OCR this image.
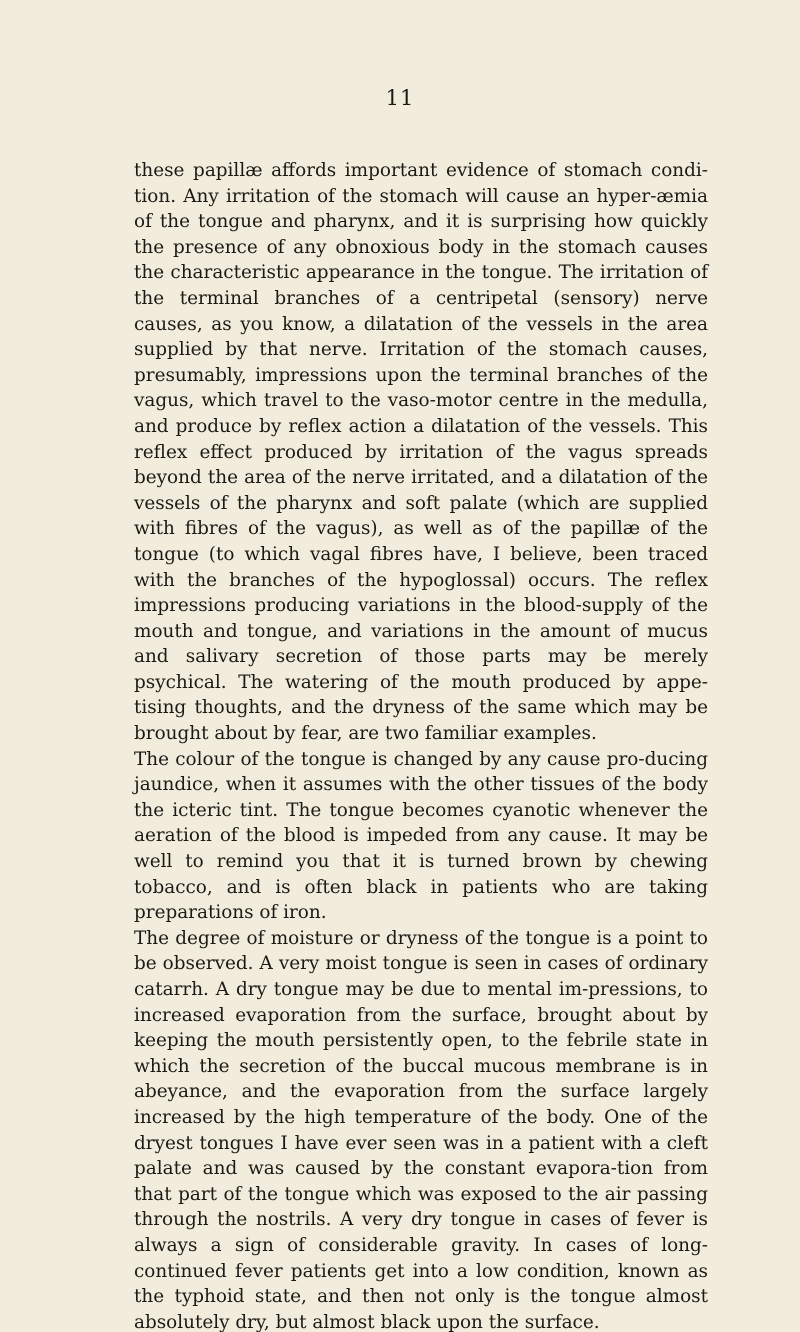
11

these papillæ affords important evidence of stomach condi-tion. Any irritation of the stomach will cause an hyper-æmia of the tongue and pharynx, and it is surprising how quickly the presence of any obnoxious body in the stomach causes the characteristic appearance in the tongue. The irritation of the terminal branches of a centripetal (sensory) nerve causes, as you know, a dilatation of the vessels in the area supplied by that nerve. Irritation of the stomach causes, presumably, impressions upon the terminal branches of the vagus, which travel to the vaso-motor centre in the medulla, and produce by reflex action a dilatation of the vessels. This reflex effect produced by irritation of the vagus spreads beyond the area of the nerve irritated, and a dilatation of the vessels of the pharynx and soft palate (which are supplied with fibres of the vagus), as well as of the papillæ of the tongue (to which vagal fibres have, I believe, been traced with the branches of the hypoglossal) occurs. The reflex impressions producing variations in the blood-supply of the mouth and tongue, and variations in the amount of mucus and salivary secretion of those parts may be merely psychical. The watering of the mouth produced by appe-tising thoughts, and the dryness of the same which may be brought about by fear, are two familiar examples.

The colour of the tongue is changed by any cause pro-ducing jaundice, when it assumes with the other tissues of the body the icteric tint. The tongue becomes cyanotic whenever the aeration of the blood is impeded from any cause. It may be well to remind you that it is turned brown by chewing tobacco, and is often black in patients who are taking preparations of iron.

The degree of moisture or dryness of the tongue is a point to be observed. A very moist tongue is seen in cases of ordinary catarrh. A dry tongue may be due to mental im-pressions, to increased evaporation from the surface, brought about by keeping the mouth persistently open, to the febrile state in which the secretion of the buccal mucous membrane is in abeyance, and the evaporation from the surface largely increased by the high temperature of the body. One of the dryest tongues I have ever seen was in a patient with a cleft palate and was caused by the constant evapora-tion from that part of the tongue which was exposed to the air passing through the nostrils. A very dry tongue in cases of fever is always a sign of considerable gravity. In cases of long-continued fever patients get into a low condition, known as the typhoid state, and then not only is the tongue almost absolutely dry, but almost black upon the surface.
